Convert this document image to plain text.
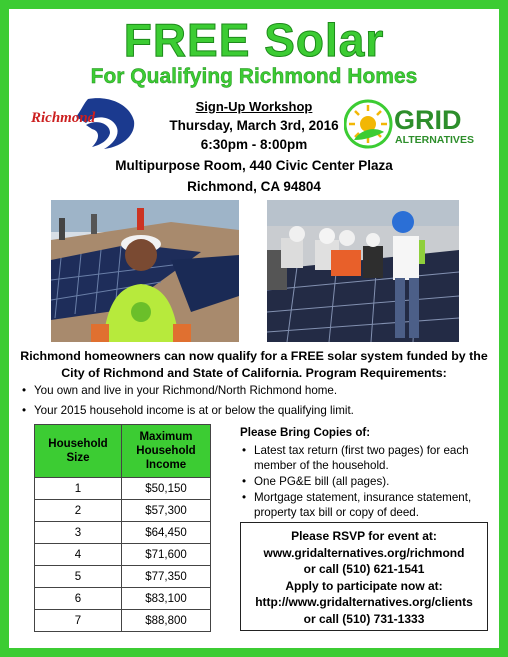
FREE Solar
For Qualifying Richmond Homes
Richmond	GRID
ALTERNATIVES
Sign-Up Workshop
Thursday, March 3rd, 2016
6:30pm - 8:00pm
Multipurpose Room, 440 Civic Center Plaza
Richmond, CA 94804
Richmond homeowners can now qualify for a FREE solar system funded by the City of Richmond and State of California. Program Requirements:
• You own and live in your Richmond/North Richmond home.
• Your 2015 household income is at or below the qualifying limit.
Household Size	Maximum Household Income
1	$50,150
2	$57,300
3	$64,450
4	$71,600
5	$77,350
6	$83,100
7	$88,800
Please Bring Copies of:
• Latest tax return (first two pages) for each member of the household.
• One PG&E bill (all pages).
• Mortgage statement, insurance statement, property tax bill or copy of deed.
Please RSVP for event at:
www.gridalternatives.org/richmond
or call (510) 621-1541
Apply to participate now at:
http://www.gridalternatives.org/clients
or call (510) 731-1333
